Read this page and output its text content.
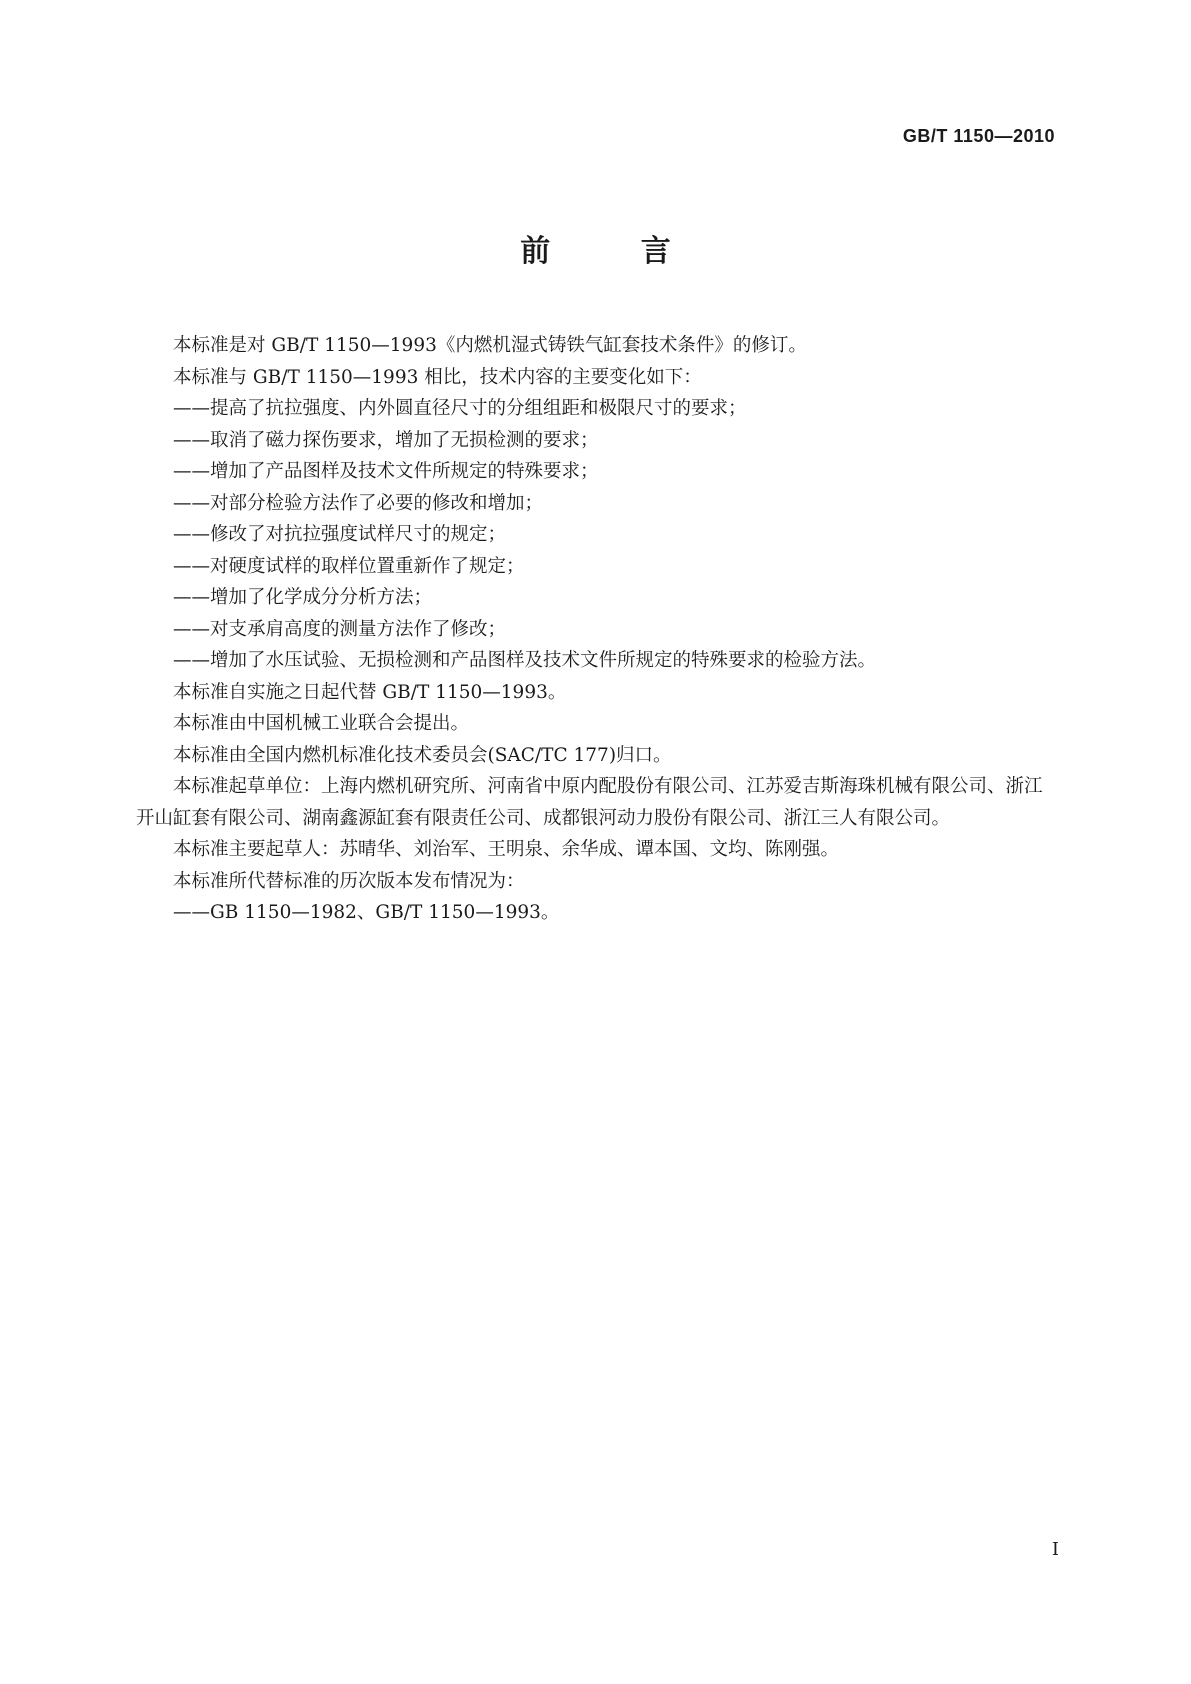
GB/T 1150—2010
前 言

本标准是对 GB/T 1150—1993《内燃机湿式铸铁气缸套技术条件》的修订。

本标准与 GB/T 1150—1993 相比，技术内容的主要变化如下：

——提高了抗拉强度、内外圆直径尺寸的分组组距和极限尺寸的要求；

——取消了磁力探伤要求，增加了无损检测的要求；

——增加了产品图样及技术文件所规定的特殊要求；

——对部分检验方法作了必要的修改和增加；

——修改了对抗拉强度试样尺寸的规定；

——对硬度试样的取样位置重新作了规定；

——增加了化学成分分析方法；

——对支承肩高度的测量方法作了修改；

——增加了水压试验、无损检测和产品图样及技术文件所规定的特殊要求的检验方法。

本标准自实施之日起代替 GB/T 1150—1993。

本标准由中国机械工业联合会提出。

本标准由全国内燃机标准化技术委员会(SAC/TC 177)归口。

本标准起草单位：上海内燃机研究所、河南省中原内配股份有限公司、江苏爱吉斯海珠机械有限公司、浙江开山缸套有限公司、湖南鑫源缸套有限责任公司、成都银河动力股份有限公司、浙江三人有限公司。

本标准主要起草人：苏晴华、刘治军、王明泉、余华成、谭本国、文均、陈刚强。

本标准所代替标准的历次版本发布情况为：

——GB 1150—1982、GB/T 1150—1993。

I
